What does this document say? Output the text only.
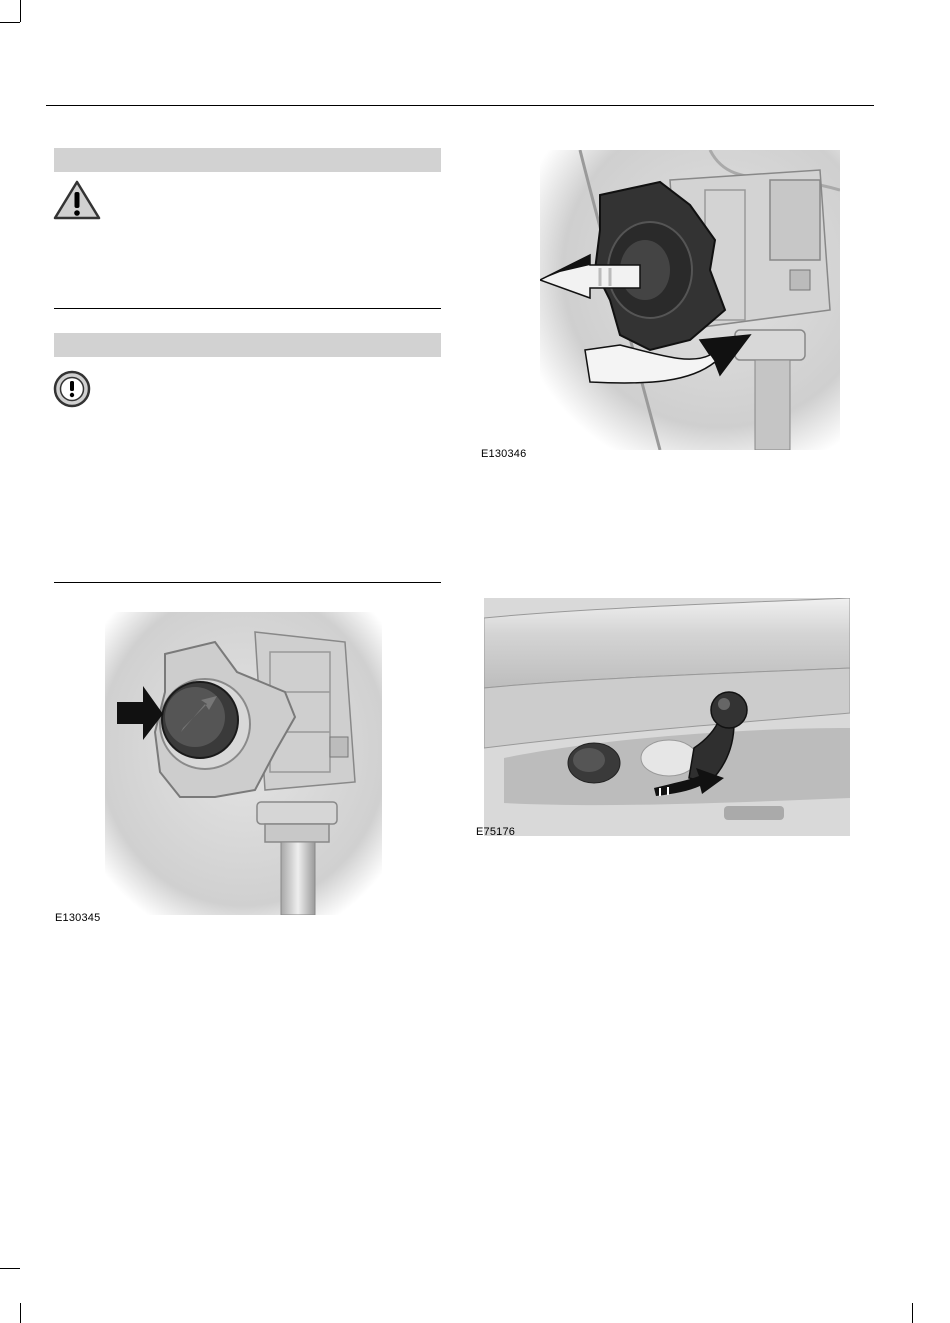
E130345
E130346
E75176
